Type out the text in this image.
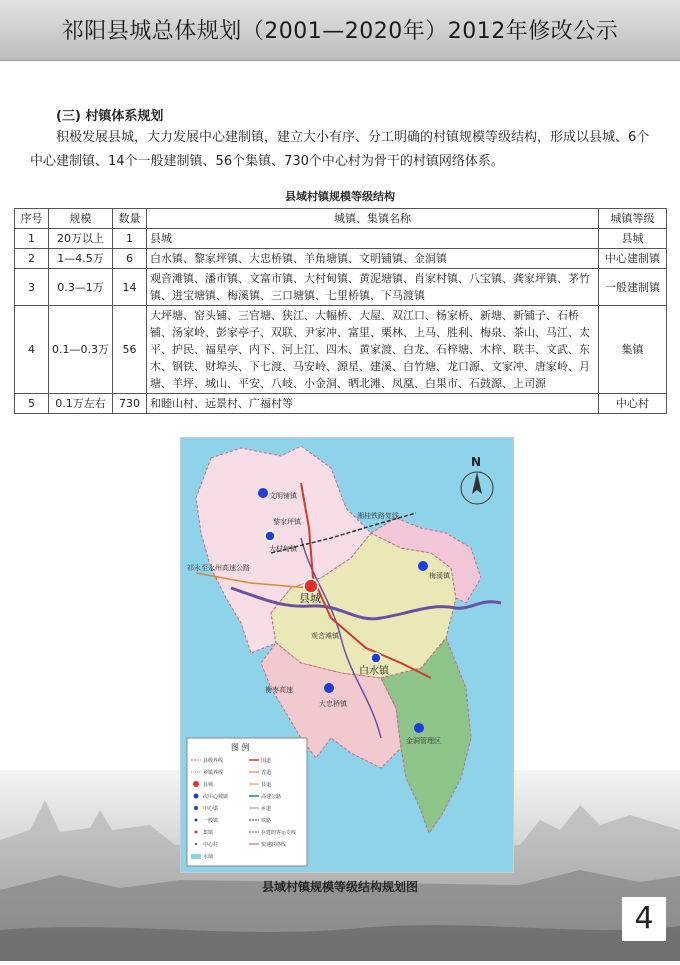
祁阳县城总体规划（2001—2020年）2012年修改公示
(三) 村镇体系规划
积极发展县城，大力发展中心建制镇，建立大小有序、分工明确的村镇规模等级结构，形成以县城、6个中心建制镇、14个一般建制镇、56个集镇、730个中心村为骨干的村镇网络体系。
县域村镇规模等级结构
序号	规模	数量	城镇、集镇名称	城镇等级
1	20万以上	1	县城	县城
2	1—4.5万	6	白水镇、黎家坪镇、大忠桥镇、羊角塘镇、文明铺镇、金洞镇	中心建制镇
3	0.3—1万	14	观音滩镇、潘市镇、文富市镇、大村甸镇、黄泥塘镇、肖家村镇、八宝镇、龚家坪镇、茅竹镇、进宝塘镇、梅溪镇、三口塘镇、七里桥镇、下马渡镇	一般建制镇
4	0.1—0.3万	56	大坪塘、窑头铺、三官塘、狭江、大幅桥、大屋、双江口、杨家桥、新塘、新铺子、石桥铺、汤家岭、彭家亭子、双联、尹家冲、富里、栗林、上马、胜利、梅泉、茶山、马江、太平、护民、福星亭、内下、河上江、四木、黄家渡、白龙、石梓塘、木梓、联丰、文武、东木、钢铁、财埠头、下七渡、马安岭、源星、建溪、白竹塘、龙口源、文家冲、唐家岭、月塘、羊坪、城山、平安、八岐、小金洞、晒北滩、凤凰、白果市、石鼓源、上司源	集镇
5	0.1万左右	730	和睦山村、远景村、广福村等	中心村
县城
白水镇
黎家坪镇
文明铺镇
大村甸镇
梅溪镇
大忠桥镇
金洞管理区
观音滩镇
衡枣高速
湘桂铁路复线
祁永至永州高速公路
N
图 例
县级界线	国道
乡镇界线	省道
县城	县道
次中心城镇	高速公路
中心镇	乡道
一般镇	铁路
集镇	在建的客运专线
中心村	快速联络线
水域
县域村镇规模等级结构规划图
4
